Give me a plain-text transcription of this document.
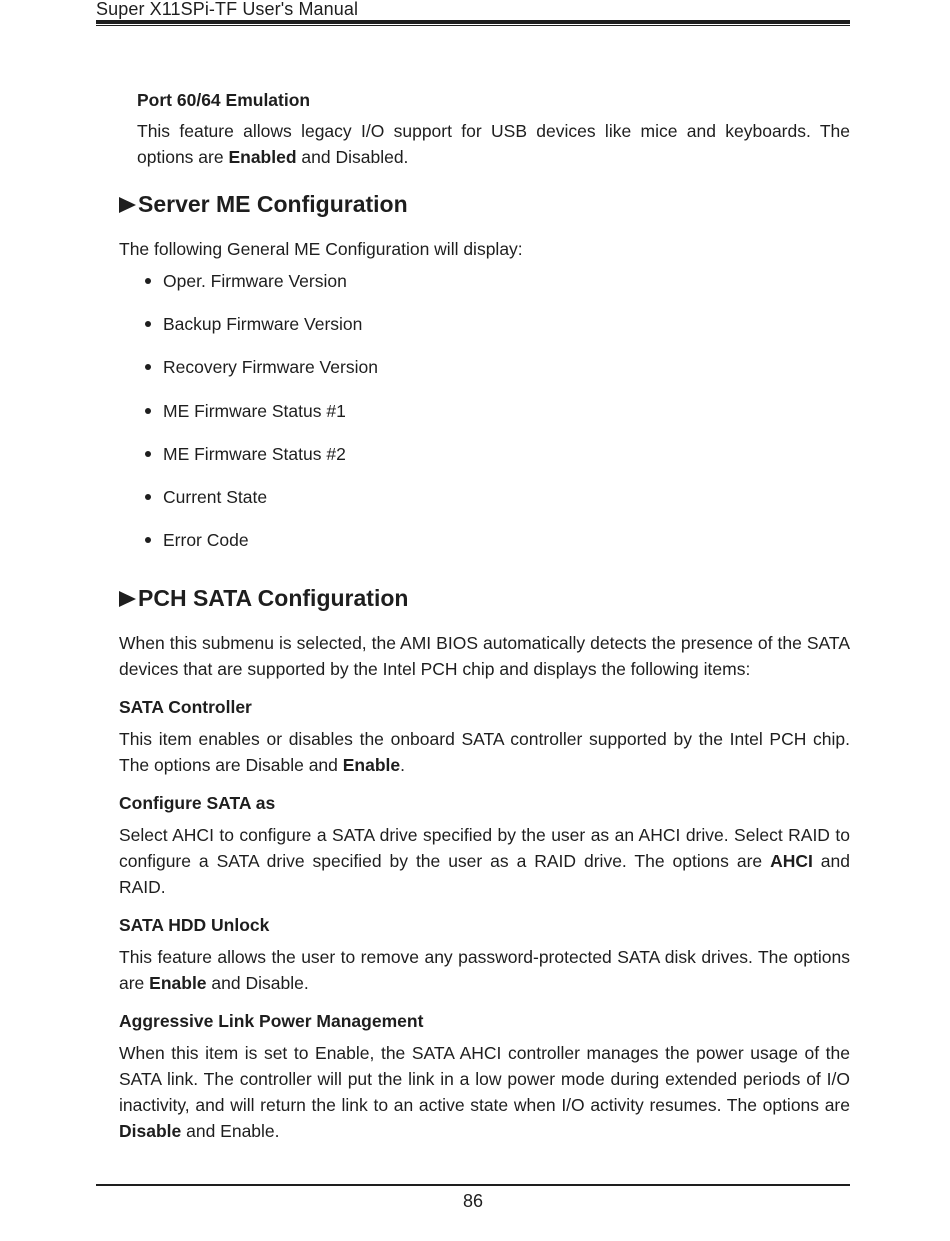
Super X11SPi-TF User's Manual
Port 60/64 Emulation

This feature allows legacy I/O support for USB devices like mice and keyboards. The options are Enabled and Disabled.

Server ME Configuration

The following General ME Configuration will display:

Oper. Firmware Version
Backup Firmware Version
Recovery Firmware Version
ME Firmware Status #1
ME Firmware Status #2
Current State
Error Code
PCH SATA Configuration

When this submenu is selected, the AMI BIOS automatically detects the presence of the SATA devices that are supported by the Intel PCH chip and displays the following items:

SATA Controller

This item enables or disables the onboard SATA controller supported by the Intel PCH chip. The options are Disable and Enable.

Configure SATA as

Select AHCI to configure a SATA drive specified by the user as an AHCI drive. Select RAID to configure a SATA drive specified by the user as a RAID drive. The options are AHCI and RAID.

SATA HDD Unlock

This feature allows the user to remove any password-protected SATA disk drives. The options are Enable and Disable.

Aggressive Link Power Management

When this item is set to Enable, the SATA AHCI controller manages the power usage of the SATA link. The controller will put the link in a low power mode during extended periods of I/O inactivity, and will return the link to an active state when I/O activity resumes. The options are Disable and Enable.

86
